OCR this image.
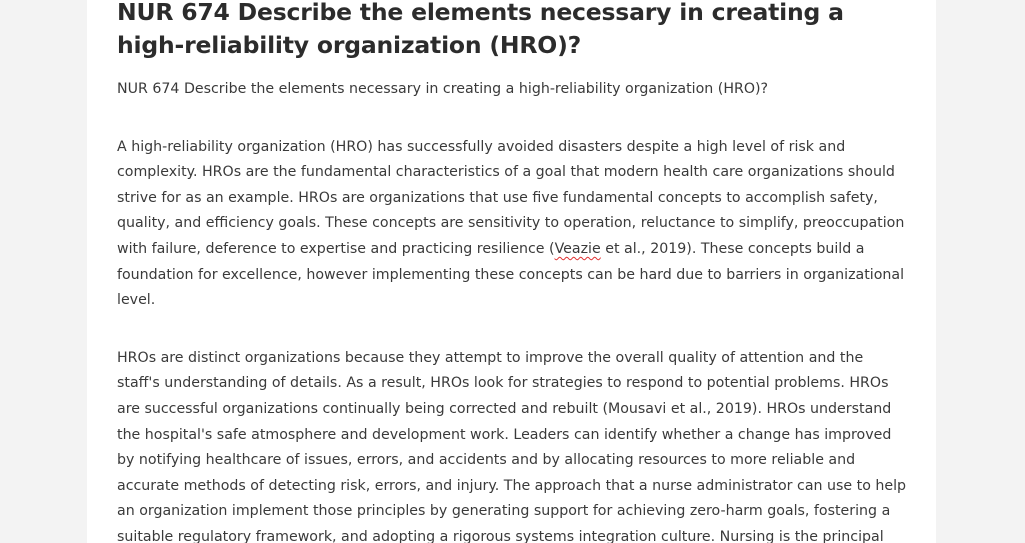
NUR 674 Describe the elements necessary in creating a high-reliability organization (HRO)?

NUR 674 Describe the elements necessary in creating a high-reliability organization (HRO)?

A high-reliability organization (HRO) has successfully avoided disasters despite a high level of risk and complexity. HROs are the fundamental characteristics of a goal that modern health care organizations should strive for as an example. HROs are organizations that use five fundamental concepts to accomplish safety, quality, and efficiency goals. These concepts are sensitivity to operation, reluctance to simplify, preoccupation with failure, deference to expertise and practicing resilience (Veazie et al., 2019). These concepts build a foundation for excellence, however implementing these concepts can be hard due to barriers in organizational level.

HROs are distinct organizations because they attempt to improve the overall quality of attention and the staff's understanding of details. As a result, HROs look for strategies to respond to potential problems. HROs are successful organizations continually being corrected and rebuilt (Mousavi et al., 2019). HROs understand the hospital's safe atmosphere and development work. Leaders can identify whether a change has improved by notifying healthcare of issues, errors, and accidents and by allocating resources to more reliable and accurate methods of detecting risk, errors, and injury. The approach that a nurse administrator can use to help an organization implement those principles by generating support for achieving zero-harm goals, fostering a suitable regulatory framework, and adopting a rigorous systems integration culture. Nursing is the principal
